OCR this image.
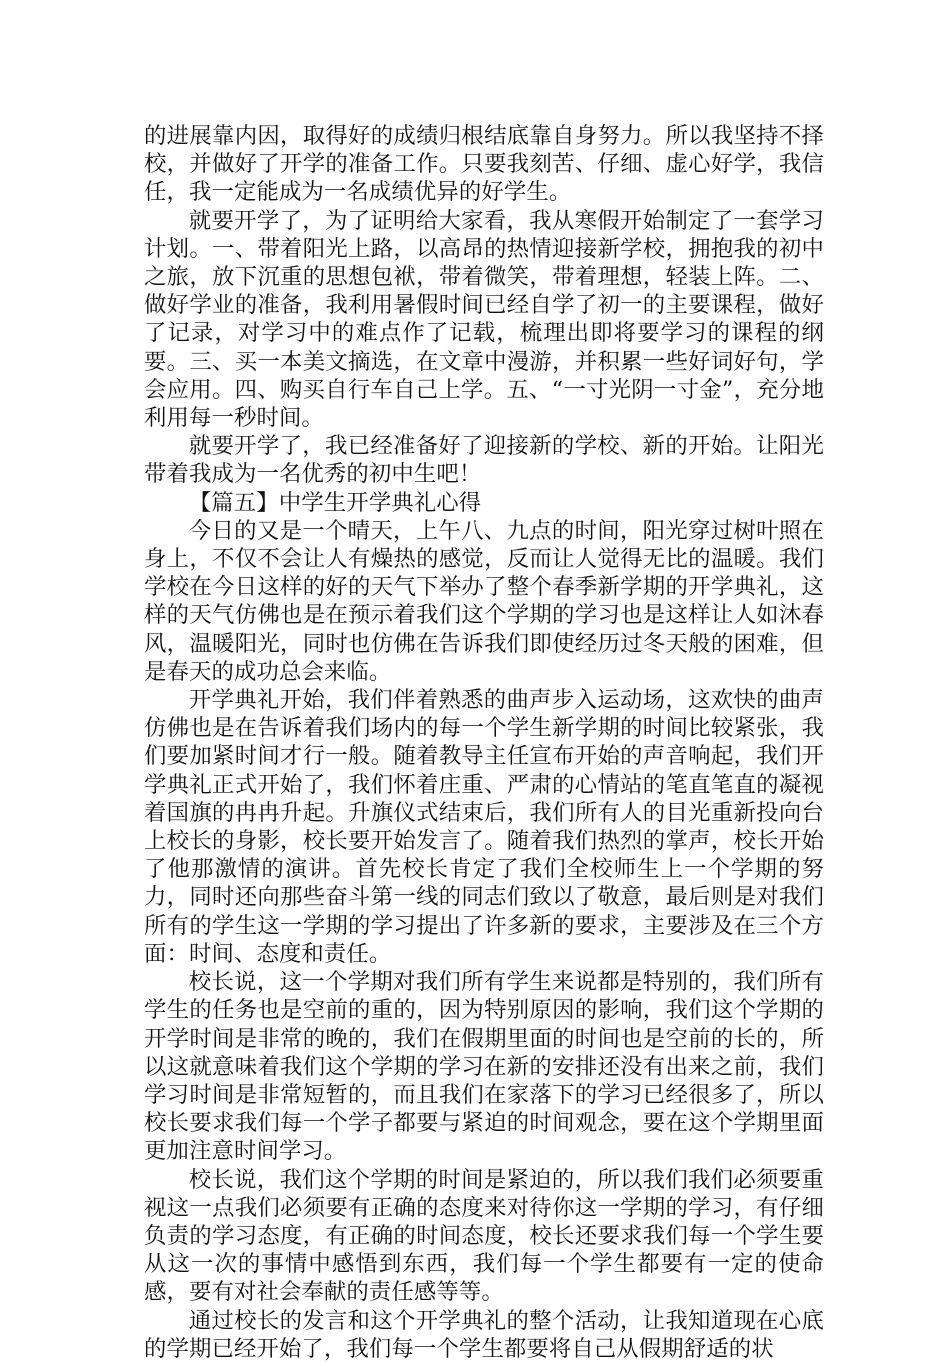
的进展靠内因，取得好的成绩归根结底靠自身努力。所以我坚持不择校，并做好了开学的准备工作。只要我刻苦、仔细、虚心好学，我信任，我一定能成为一名成绩优异的好学生。

就要开学了，为了证明给大家看，我从寒假开始制定了一套学习计划。一、带着阳光上路，以高昂的热情迎接新学校，拥抱我的初中之旅，放下沉重的思想包袱，带着微笑，带着理想，轻装上阵。二、做好学业的准备，我利用暑假时间已经自学了初一的主要课程，做好了记录，对学习中的难点作了记载，梳理出即将要学习的课程的纲要。三、买一本美文摘选，在文章中漫游，并积累一些好词好句，学会应用。四、购买自行车自己上学。五、“一寸光阴一寸金”，充分地利用每一秒时间。

就要开学了，我已经准备好了迎接新的学校、新的开始。让阳光带着我成为一名优秀的初中生吧！

【篇五】中学生开学典礼心得

今日的又是一个晴天，上午八、九点的时间，阳光穿过树叶照在身上，不仅不会让人有燥热的感觉，反而让人觉得无比的温暖。我们学校在今日这样的好的天气下举办了整个春季新学期的开学典礼，这样的天气仿佛也是在预示着我们这个学期的学习也是这样让人如沐春风，温暖阳光，同时也仿佛在告诉我们即使经历过冬天般的困难，但是春天的成功总会来临。

开学典礼开始，我们伴着熟悉的曲声步入运动场，这欢快的曲声仿佛也是在告诉着我们场内的每一个学生新学期的时间比较紧张，我们要加紧时间才行一般。随着教导主任宣布开始的声音响起，我们开学典礼正式开始了，我们怀着庄重、严肃的心情站的笔直笔直的凝视着国旗的冉冉升起。升旗仪式结束后，我们所有人的目光重新投向台上校长的身影，校长要开始发言了。随着我们热烈的掌声，校长开始了他那激情的演讲。首先校长肯定了我们全校师生上一个学期的努力，同时还向那些奋斗第一线的同志们致以了敬意，最后则是对我们所有的学生这一学期的学习提出了许多新的要求，主要涉及在三个方面：时间、态度和责任。

校长说，这一个学期对我们所有学生来说都是特别的，我们所有学生的任务也是空前的重的，因为特别原因的影响，我们这个学期的开学时间是非常的晚的，我们在假期里面的时间也是空前的长的，所以这就意味着我们这个学期的学习在新的安排还没有出来之前，我们学习时间是非常短暂的，而且我们在家落下的学习已经很多了，所以校长要求我们每一个学子都要与紧迫的时间观念，要在这个学期里面更加注意时间学习。

校长说，我们这个学期的时间是紧迫的，所以我们我们必须要重视这一点我们必须要有正确的态度来对待你这一学期的学习，有仔细负责的学习态度，有正确的时间态度，校长还要求我们每一个学生要从这一次的事情中感悟到东西，我们每一个学生都要有一定的使命感，要有对社会奉献的责任感等等。

通过校长的发言和这个开学典礼的整个活动，让我知道现在心底的学期已经开始了，我们每一个学生都要将自己从假期舒适的状
